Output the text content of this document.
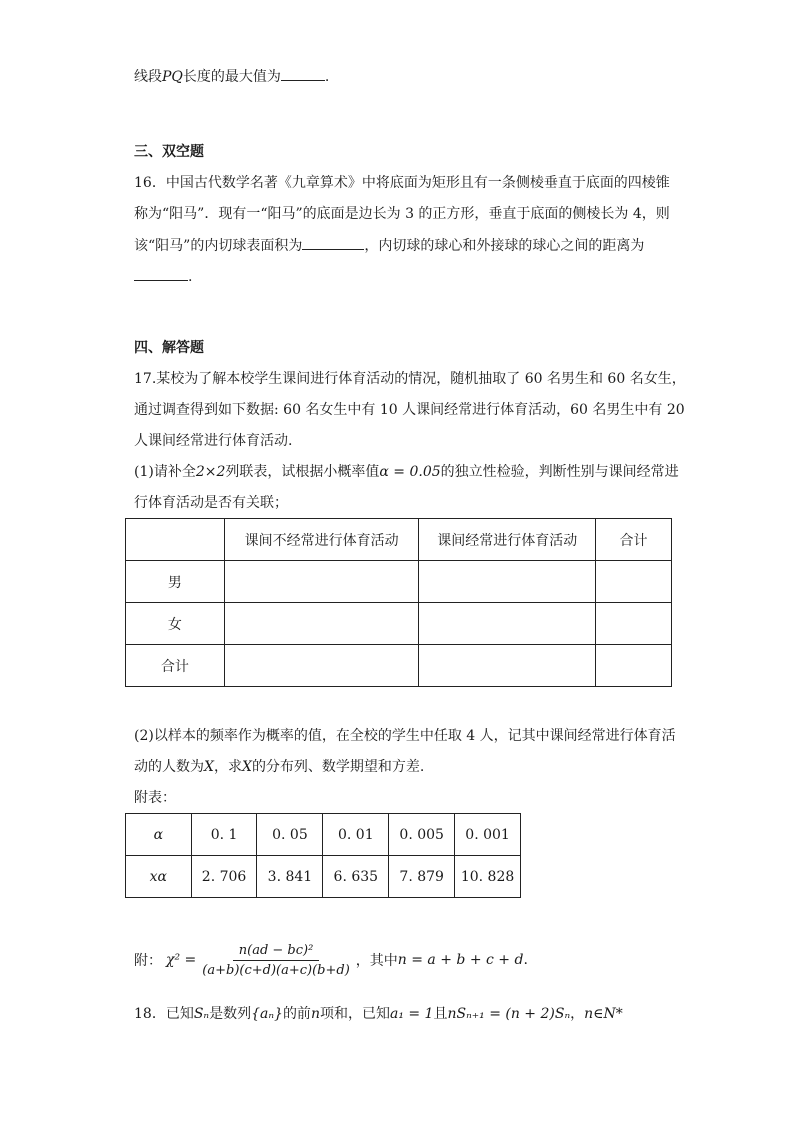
线段PQ长度的最大值为	.
三、双空题
16．中国古代数学名著《九章算术》中将底面为矩形且有一条侧棱垂直于底面的四棱锥
称为“阳马”．现有一“阳马”的底面是边长为 3 的正方形，垂直于底面的侧棱长为 4，则
该“阳马”的内切球表面积为	，内切球的球心和外接球的球心之间的距离为
.
四、解答题
17.某校为了解本校学生课间进行体育活动的情况，随机抽取了 60 名男生和 60 名女生，
通过调查得到如下数据: 60 名女生中有 10 人课间经常进行体育活动，60 名男生中有 20
人课间经常进行体育活动.
(1)请补全2×2列联表，试根据小概率值α = 0.05的独立性检验，判断性别与课间经常进
行体育活动是否有关联；
	课间不经常进行体育活动	课间经常进行体育活动	合计
男			
女			
合计			
(2)以样本的频率作为概率的值，在全校的学生中任取 4 人，记其中课间经常进行体育活
动的人数为X，求X的分布列、数学期望和方差.
附表：
α	0. 1	0. 05	0. 01	0. 005	0. 001
xα	2. 706	3. 841	6. 635	7. 879	10. 828
附： $\chi^2 = \frac{\text{n(ad − bc)²}}{(a+b)(c+d)(a+c)(b+d)}$ ，其中 n = a + b + c + d .
18．已知Sₙ是数列{aₙ}的前n项和，已知a₁ = 1且nSₙ₊₁ = (n + 2)Sₙ，n∈N*
